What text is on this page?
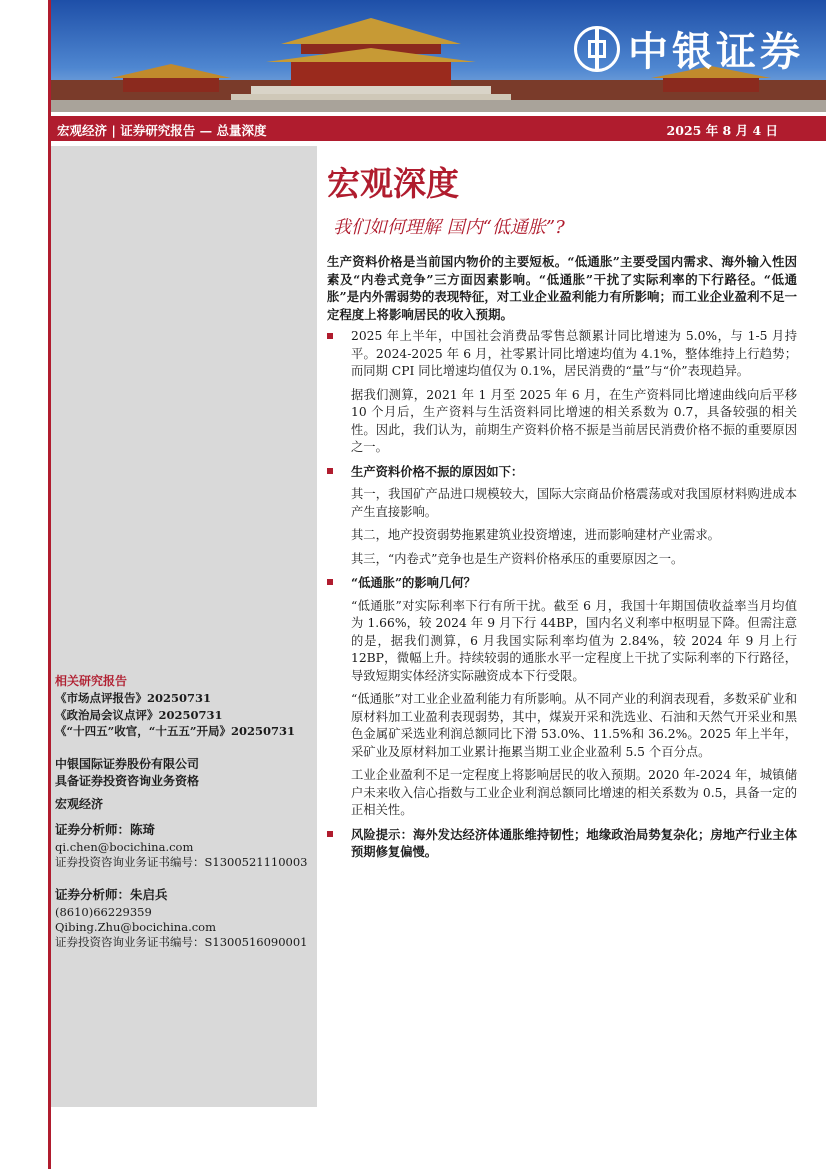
中银证券
宏观经济 | 证券研究报告 — 总量深度	2025 年 8 月 4 日
相关研究报告
《市场点评报告》20250731
《政治局会议点评》20250731
《“十四五”收官，“十五五”开局》20250731
中银国际证券股份有限公司
具备证券投资咨询业务资格
宏观经济
证券分析师：陈琦
qi.chen@bocichina.com
证券投资咨询业务证书编号：S1300521110003
证券分析师：朱启兵
(8610)66229359
Qibing.Zhu@bocichina.com
证券投资咨询业务证书编号：S1300516090001
宏观深度
我们如何理解 国内“低通胀”?
生产资料价格是当前国内物价的主要短板。“低通胀”主要受国内需求、海外输入性因素及“内卷式竞争”三方面因素影响。“低通胀”干扰了实际利率的下行路径。“低通胀”是内外需弱势的表现特征，对工业企业盈利能力有所影响；而工业企业盈利不足一定程度上将影响居民的收入预期。
2025 年上半年，中国社会消费品零售总额累计同比增速为 5.0%，与 1-5 月持平。2024-2025 年 6 月，社零累计同比增速均值为 4.1%，整体维持上行趋势；而同期 CPI 同比增速均值仅为 0.1%，居民消费的“量”与“价”表现趋异。
据我们测算，2021 年 1 月至 2025 年 6 月，在生产资料同比增速曲线向后平移 10 个月后，生产资料与生活资料同比增速的相关系数为 0.7，具备较强的相关性。因此，我们认为，前期生产资料价格不振是当前居民消费价格不振的重要原因之一。
生产资料价格不振的原因如下：
其一，我国矿产品进口规模较大，国际大宗商品价格震荡或对我国原材料购进成本产生直接影响。
其二，地产投资弱势拖累建筑业投资增速，进而影响建材产业需求。
其三，“内卷式”竞争也是生产资料价格承压的重要原因之一。
“低通胀”的影响几何？
“低通胀”对实际利率下行有所干扰。截至 6 月，我国十年期国债收益率当月均值为 1.66%，较 2024 年 9 月下行 44BP，国内名义利率中枢明显下降。但需注意的是，据我们测算，6 月我国实际利率均值为 2.84%，较 2024 年 9 月上行 12BP，微幅上升。持续较弱的通胀水平一定程度上干扰了实际利率的下行路径，导致短期实体经济实际融资成本下行受限。
“低通胀”对工业企业盈利能力有所影响。从不同产业的利润表现看，多数采矿业和原材料加工业盈利表现弱势，其中，煤炭开采和洗选业、石油和天然气开采业和黑色金属矿采选业利润总额同比下滑 53.0%、11.5%和 36.2%。2025 年上半年，采矿业及原材料加工业累计拖累当期工业企业盈利 5.5 个百分点。
工业企业盈利不足一定程度上将影响居民的收入预期。2020 年-2024 年，城镇储户未来收入信心指数与工业企业利润总额同比增速的相关系数为 0.5，具备一定的正相关性。
风险提示：海外发达经济体通胀维持韧性；地缘政治局势复杂化；房地产行业主体预期修复偏慢。
